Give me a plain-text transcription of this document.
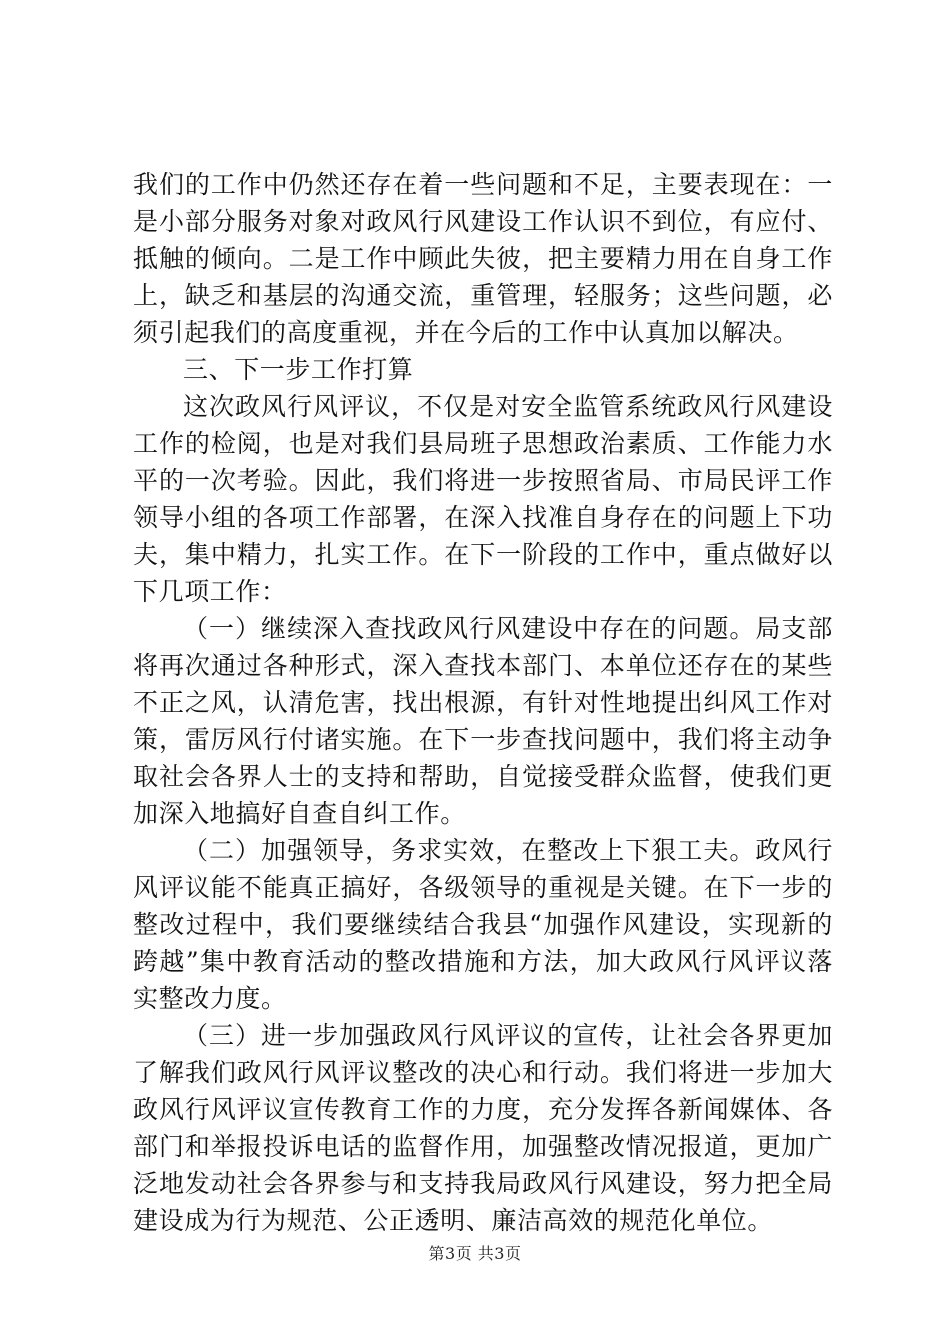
我们的工作中仍然还存在着一些问题和不足，主要表现在：一是小部分服务对象对政风行风建设工作认识不到位，有应付、抵触的倾向。二是工作中顾此失彼，把主要精力用在自身工作上，缺乏和基层的沟通交流，重管理，轻服务；这些问题，必须引起我们的高度重视，并在今后的工作中认真加以解决。

三、下一步工作打算

这次政风行风评议，不仅是对安全监管系统政风行风建设工作的检阅，也是对我们县局班子思想政治素质、工作能力水平的一次考验。因此，我们将进一步按照省局、市局民评工作领导小组的各项工作部署，在深入找准自身存在的问题上下功夫，集中精力，扎实工作。在下一阶段的工作中，重点做好以下几项工作：

（一）继续深入查找政风行风建设中存在的问题。局支部将再次通过各种形式，深入查找本部门、本单位还存在的某些不正之风，认清危害，找出根源，有针对性地提出纠风工作对策，雷厉风行付诸实施。在下一步查找问题中，我们将主动争取社会各界人士的支持和帮助，自觉接受群众监督，使我们更加深入地搞好自查自纠工作。

（二）加强领导，务求实效，在整改上下狠工夫。政风行风评议能不能真正搞好，各级领导的重视是关键。在下一步的整改过程中，我们要继续结合我县“加强作风建设，实现新的跨越”集中教育活动的整改措施和方法，加大政风行风评议落实整改力度。

（三）进一步加强政风行风评议的宣传，让社会各界更加了解我们政风行风评议整改的决心和行动。我们将进一步加大政风行风评议宣传教育工作的力度，充分发挥各新闻媒体、各部门和举报投诉电话的监督作用，加强整改情况报道，更加广泛地发动社会各界参与和支持我局政风行风建设，努力把全局建设成为行为规范、公正透明、廉洁高效的规范化单位。

第3页 共3页
